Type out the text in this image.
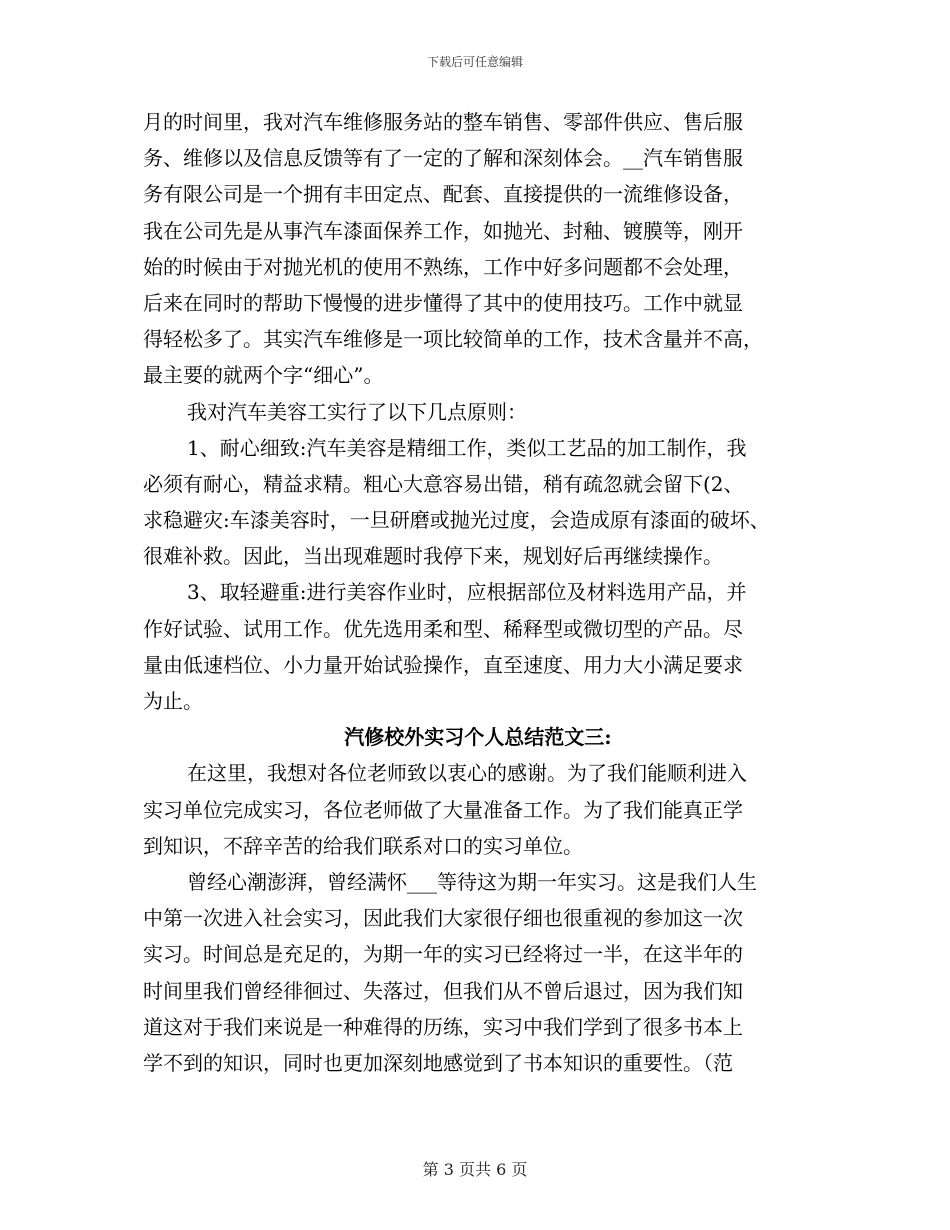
下载后可任意编辑
月的时间里，我对汽车维修服务站的整车销售、零部件供应、售后服
务、维修以及信息反馈等有了一定的了解和深刻体会。__汽车销售服
务有限公司是一个拥有丰田定点、配套、直接提供的一流维修设备，
我在公司先是从事汽车漆面保养工作，如抛光、封釉、镀膜等，刚开
始的时候由于对抛光机的使用不熟练，工作中好多问题都不会处理，
后来在同时的帮助下慢慢的进步懂得了其中的使用技巧。工作中就显
得轻松多了。其实汽车维修是一项比较简单的工作，技术含量并不高，
最主要的就两个字“细心”。
我对汽车美容工实行了以下几点原则：
1、耐心细致:汽车美容是精细工作，类似工艺品的加工制作，我
必须有耐心，精益求精。粗心大意容易出错，稍有疏忽就会留下(2、
求稳避灾:车漆美容时，一旦研磨或抛光过度，会造成原有漆面的破坏、
很难补救。因此，当出现难题时我停下来，规划好后再继续操作。
3、取轻避重:进行美容作业时，应根据部位及材料选用产品，并
作好试验、试用工作。优先选用柔和型、稀释型或微切型的产品。尽
量由低速档位、小力量开始试验操作，直至速度、用力大小满足要求
为止。
汽修校外实习个人总结范文三:
在这里，我想对各位老师致以衷心的感谢。为了我们能顺利进入
实习单位完成实习，各位老师做了大量准备工作。为了我们能真正学
到知识，不辞辛苦的给我们联系对口的实习单位。
曾经心潮澎湃，曾经满怀___等待这为期一年实习。这是我们人生
中第一次进入社会实习，因此我们大家很仔细也很重视的参加这一次
实习。时间总是充足的，为期一年的实习已经将过一半，在这半年的
时间里我们曾经徘徊过、失落过，但我们从不曾后退过，因为我们知
道这对于我们来说是一种难得的历练，实习中我们学到了很多书本上
学不到的知识，同时也更加深刻地感觉到了书本知识的重要性。（范
第 3 页共 6 页
